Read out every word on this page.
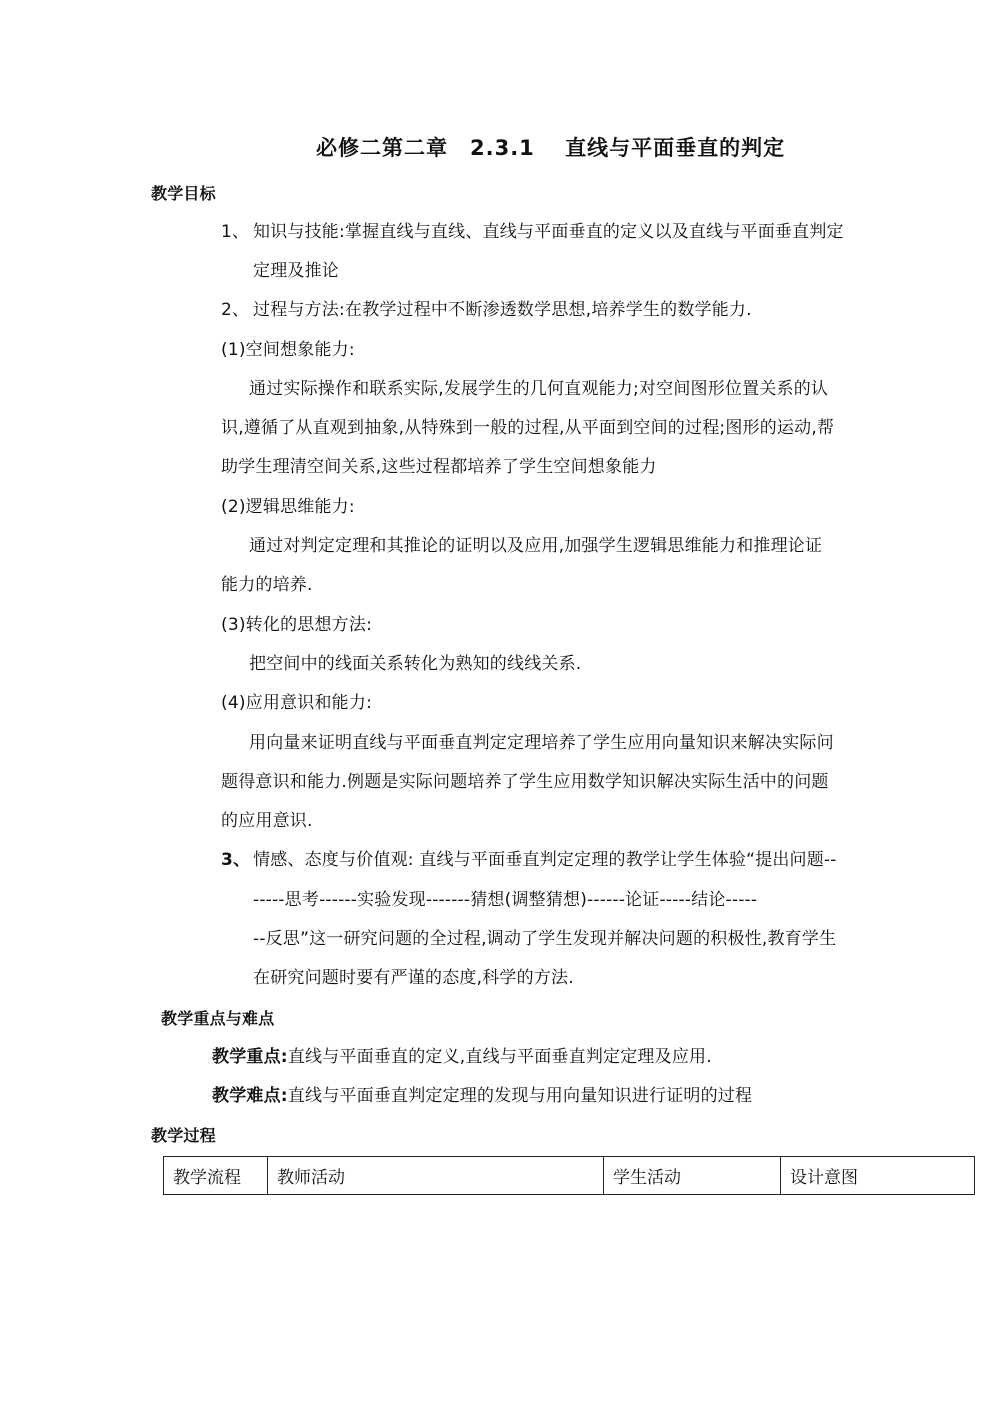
必修二第二章　2.3.1　 直线与平面垂直的判定
教学目标
1、 知识与技能:掌握直线与直线、直线与平面垂直的定义以及直线与平面垂直判定
定理及推论
2、 过程与方法:在教学过程中不断渗透数学思想,培养学生的数学能力.
(1)空间想象能力:
通过实际操作和联系实际,发展学生的几何直观能力;对空间图形位置关系的认
识,遵循了从直观到抽象,从特殊到一般的过程,从平面到空间的过程;图形的运动,帮
助学生理清空间关系,这些过程都培养了学生空间想象能力
(2)逻辑思维能力:
通过对判定定理和其推论的证明以及应用,加强学生逻辑思维能力和推理论证
能力的培养.
(3)转化的思想方法:
把空间中的线面关系转化为熟知的线线关系.
(4)应用意识和能力:
用向量来证明直线与平面垂直判定定理培养了学生应用向量知识来解决实际问
题得意识和能力.例题是实际问题培养了学生应用数学知识解决实际生活中的问题
的应用意识.
3、 情感、态度与价值观: 直线与平面垂直判定定理的教学让学生体验“提出问题--
-----思考------实验发现-------猜想(调整猜想)------论证-----结论-----
--反思”这一研究问题的全过程,调动了学生发现并解决问题的积极性,教育学生
在研究问题时要有严谨的态度,科学的方法.
教学重点与难点
教学重点:直线与平面垂直的定义,直线与平面垂直判定定理及应用.
教学难点:直线与平面垂直判定定理的发现与用向量知识进行证明的过程
教学过程
教学流程	教师活动	学生活动	设计意图
